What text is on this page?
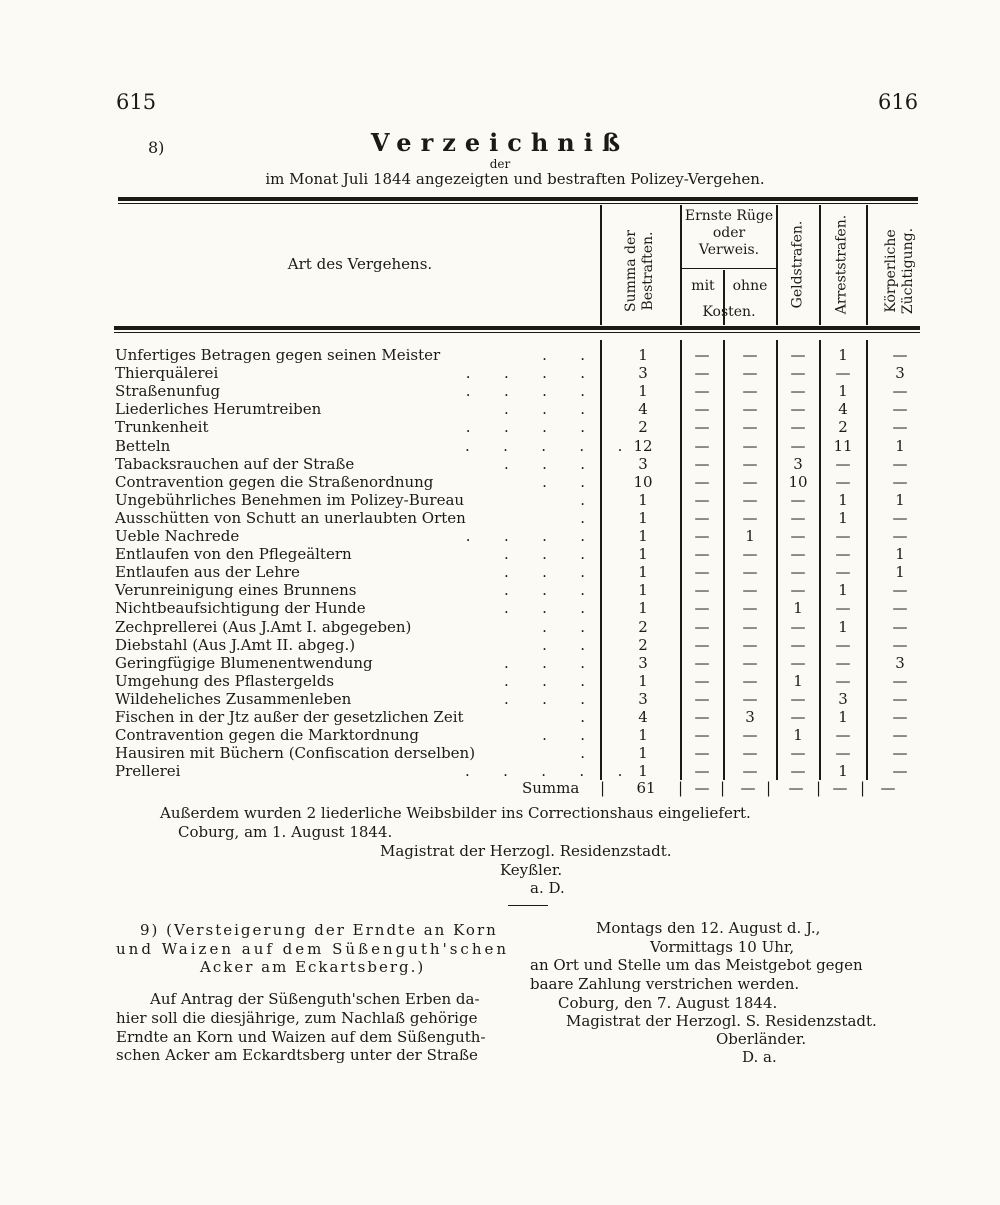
615	616
8)	Verzeichniß
der
im Monat Juli 1844 angezeigten und bestraften Polizey-Vergehen.
Art des Vergehens.	Summa der Bestraften.
Ernste Rüge oder Verweis.
mit	ohne
Kosten.
Geldstrafen. Arreststrafen. Körperliche Züchtigung.
Unfertiges Betragen gegen seinen Meister	.       .	1	—	—	—	1	—
Thierquälerei	.       .       .       .	3	—	—	—	—	3
Straßenunfug	.       .       .       .	1	—	—	—	1	—
Liederliches Herumtreiben	.       .       .	4	—	—	—	4	—
Trunkenheit	.       .       .       .	2	—	—	—	2	—
Betteln	.       .       .       .       . 12	—	—	—	11	1
Tabacksrauchen auf der Straße	.       .       .	3	—	—	3	—	—
Contravention gegen die Straßenordnung	.       .	10	—	—	10	—	—
Ungebührliches Benehmen im Polizey-Bureau	.	1	—	—	—	1	1
Ausschütten von Schutt an unerlaubten Orten	.	1	—	—	—	1	—
Ueble Nachrede	.       .       .       .	1	—	1	—	—	—
Entlaufen von den Pflegeältern	.       .       .	1	—	—	—	—	1
Entlaufen aus der Lehre	.       .       .	1	—	—	—	—	1
Verunreinigung eines Brunnens	.       .       .	1	—	—	—	1	—
Nichtbeaufsichtigung der Hunde	.       .       .	1	—	—	1	—	—
Zechprellerei (Aus J.Amt I. abgegeben)	.       .	2	—	—	—	1	—
Diebstahl (Aus J.Amt II. abgeg.)	.       .	2	—	—	—	—	—
Geringfügige Blumenentwendung	.       .       .	3	—	—	—	—	3
Umgehung des Pflastergelds	.       .       .	1	—	—	1	—	—
Wildeheliches Zusammenleben	.       .       .	3	—	—	—	3	—
Fischen in der Jtz außer der gesetzlichen Zeit	.	4	—	3	—	1	—
Contravention gegen die Marktordnung	.       .	1	—	—	1	—	—
Hausiren mit Büchern (Confiscation derselben)	.	1	—	—	—	—	—
Prellerei	.       .       .       .       .	1	—	—	—	1	—
Summa |	61	| — |	— |	— | — |	—
Außerdem wurden 2 liederliche Weibsbilder ins Correctionshaus eingeliefert.
Coburg, am 1. August 1844.
Magistrat der Herzogl. Residenzstadt.
Keyßler.
a. D.
9) (Versteigerung der Erndte an Korn
und Waizen auf dem Süßenguth'schen
Acker am Eckartsberg.)
Auf Antrag der Süßenguth'schen Erben da-
hier soll die diesjährige, zum Nachlaß gehörige
Erndte an Korn und Waizen auf dem Süßenguth-
schen Acker am Eckardtsberg unter der Straße
Montags den 12. August d. J.,
Vormittags 10 Uhr,
an Ort und Stelle um das Meistgebot gegen
baare Zahlung verstrichen werden.
Coburg, den 7. August 1844.
Magistrat der Herzogl. S. Residenzstadt.
Oberländer.
D. a.
